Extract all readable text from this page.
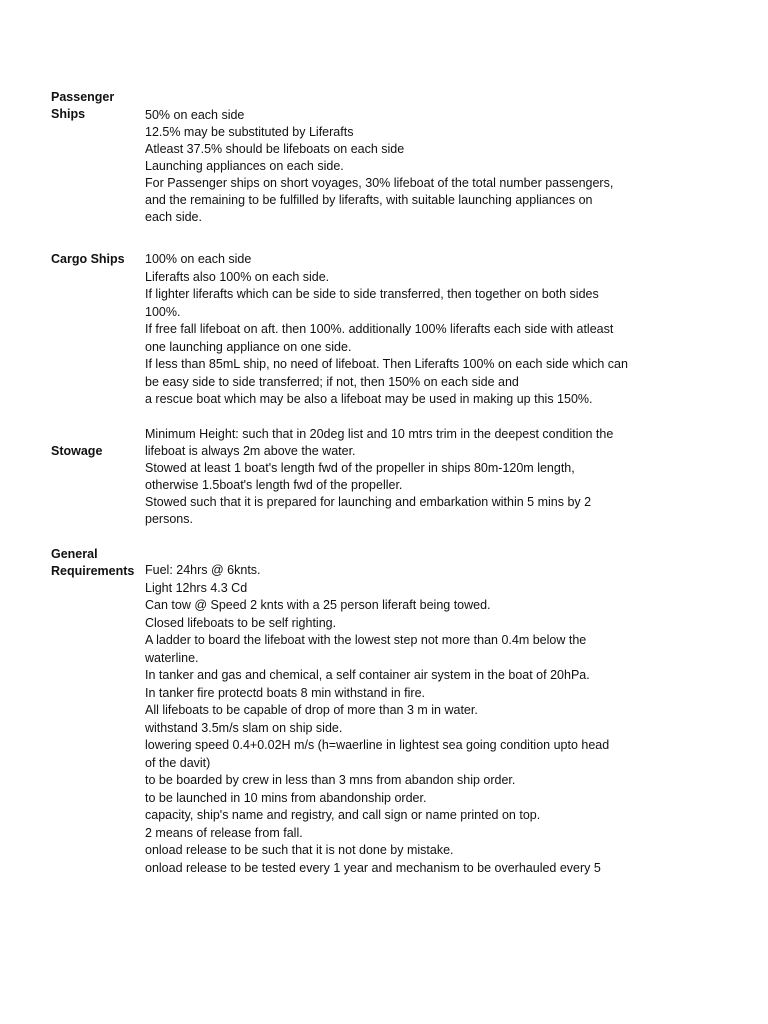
Passenger
Ships	50% on each side
12.5% may be substituted by Liferafts
Atleast 37.5% should be lifeboats on each side
Launching appliances on each side.
For Passenger ships on short voyages, 30% lifeboat of the total number passengers,
and the remaining to be fulfilled by liferafts, with suitable launching appliances on
each side.
Cargo Ships	100% on each side
Liferafts also 100% on each side.
If lighter liferafts which can be side to side transferred, then together on both sides
100%.
If free fall lifeboat on aft. then 100%. additionally 100% liferafts each side with atleast
one launching appliance on one side.
If less than 85mL ship, no need of lifeboat. Then Liferafts 100% on each side which can
be easy side to side transferred; if not, then 150% on each side and
a rescue boat which may be also a lifeboat may be used in making up this 150%.
Stowage
Minimum Height: such that in 20deg list and 10 mtrs trim in the deepest condition the
lifeboat is always 2m above the water.
Stowed at least 1 boat's length fwd of the propeller in ships 80m-120m length,
otherwise 1.5boat's length fwd of the propeller.
Stowed such that it is prepared for launching and embarkation within 5 mins by 2
persons.
General
Requirements Fuel: 24hrs @ 6knts.
Light 12hrs 4.3 Cd
Can tow @ Speed 2 knts with a 25 person liferaft being towed.
Closed lifeboats to be self righting.
A ladder to board the lifeboat with the lowest step not more than 0.4m below the
waterline.
In tanker and gas and chemical, a self container air system in the boat of 20hPa.
In tanker fire protectd boats 8 min withstand in fire.
All lifeboats to be capable of drop of more than 3 m in water.
withstand 3.5m/s slam on ship side.
lowering speed 0.4+0.02H m/s (h=waerline in lightest sea going condition upto head
of the davit)
to be boarded by crew in less than 3 mns from abandon ship order.
to be launched in 10 mins from abandonship order.
capacity, ship's name and registry, and call sign or name printed on top.
2 means of release from fall.
onload release to be such that it is not done by mistake.
onload release to be tested every 1 year and mechanism to be overhauled every 5
